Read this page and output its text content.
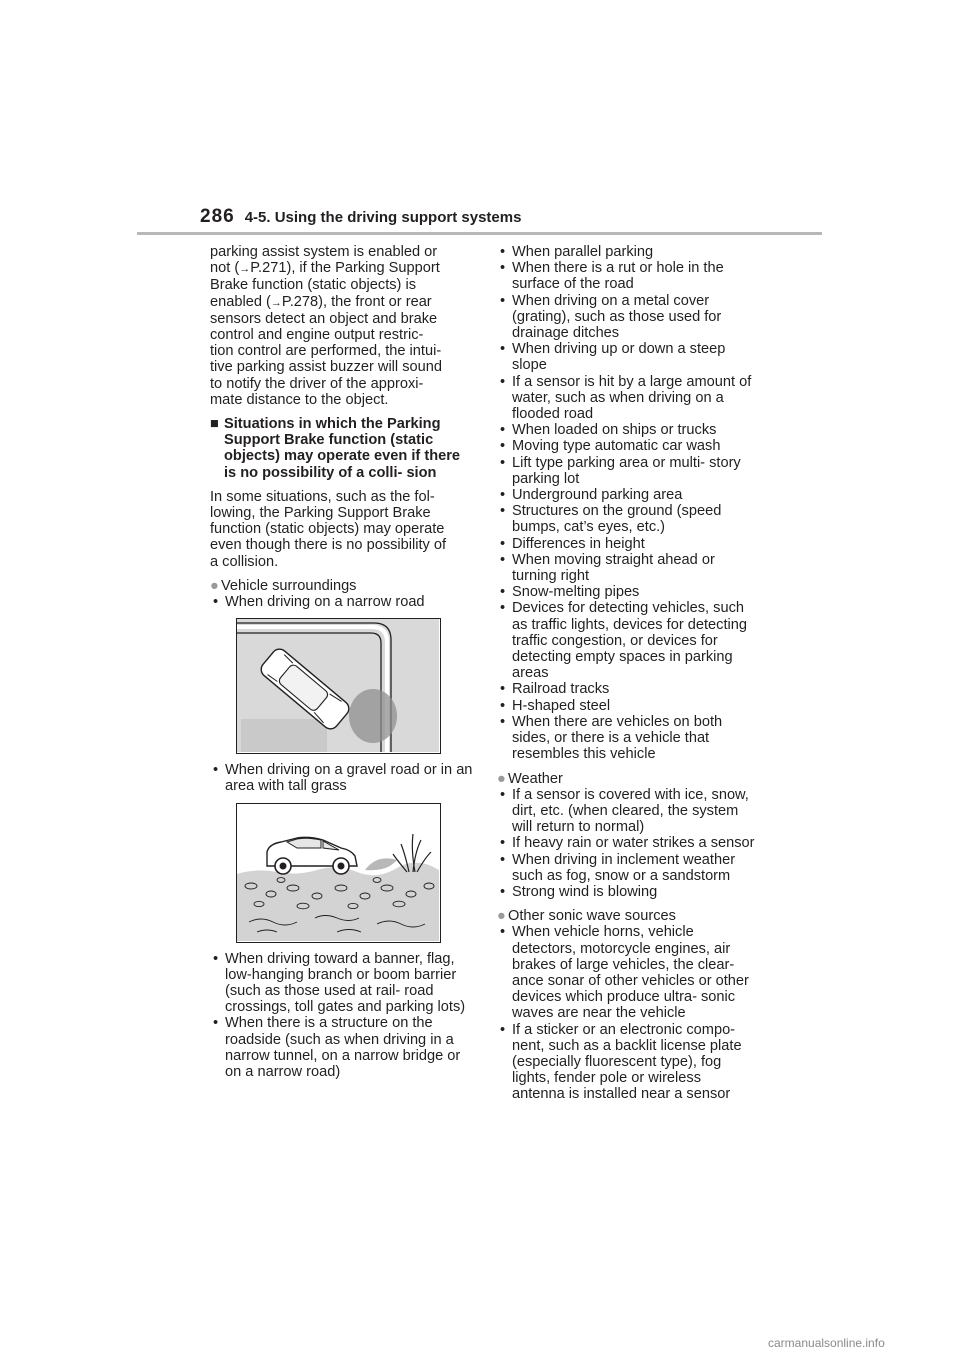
286 4-5. Using the driving support systems

parking assist system is enabled or
not (→P.271), if the Parking Support
Brake function (static objects) is
enabled (→P.278), the front or rear
sensors detect an object and brake
control and engine output restric-
tion control are performed, the intui-
tive parking assist buzzer will sound
to notify the driver of the approxi-
mate distance to the object.

■ Situations in which the Parking Support Brake function (static objects) may operate even if there is no possibility of a colli- sion

In some situations, such as the fol-
lowing, the Parking Support Brake
function (static objects) may operate
even though there is no possibility of
a collision.

● Vehicle surroundings
• When driving on a narrow road
• When driving on a gravel road or in an area with tall grass
• When driving toward a banner, flag, low-hanging branch or boom barrier (such as those used at rail- road crossings, toll gates and parking lots)
• When there is a structure on the roadside (such as when driving in a narrow tunnel, on a narrow bridge or on a narrow road)
• When parallel parking
• When there is a rut or hole in the surface of the road
• When driving on a metal cover (grating), such as those used for drainage ditches
• When driving up or down a steep slope
• If a sensor is hit by a large amount of water, such as when driving on a flooded road
• When loaded on ships or trucks
• Moving type automatic car wash
• Lift type parking area or multi- story parking lot
• Underground parking area
• Structures on the ground (speed bumps, cat’s eyes, etc.)
• Differences in height
• When moving straight ahead or turning right
• Snow-melting pipes
• Devices for detecting vehicles, such as traffic lights, devices for detecting traffic congestion, or devices for detecting empty spaces in parking areas
• Railroad tracks
• H-shaped steel
• When there are vehicles on both sides, or there is a vehicle that resembles this vehicle
● Weather
• If a sensor is covered with ice, snow, dirt, etc. (when cleared, the system will return to normal)
• If heavy rain or water strikes a sensor
• When driving in inclement weather such as fog, snow or a sandstorm
• Strong wind is blowing
● Other sonic wave sources
• When vehicle horns, vehicle detectors, motorcycle engines, air brakes of large vehicles, the clear- ance sonar of other vehicles or other devices which produce ultra- sonic waves are near the vehicle
• If a sticker or an electronic compo- nent, such as a backlit license plate (especially fluorescent type), fog lights, fender pole or wireless antenna is installed near a sensor
carmanualsonline.info
